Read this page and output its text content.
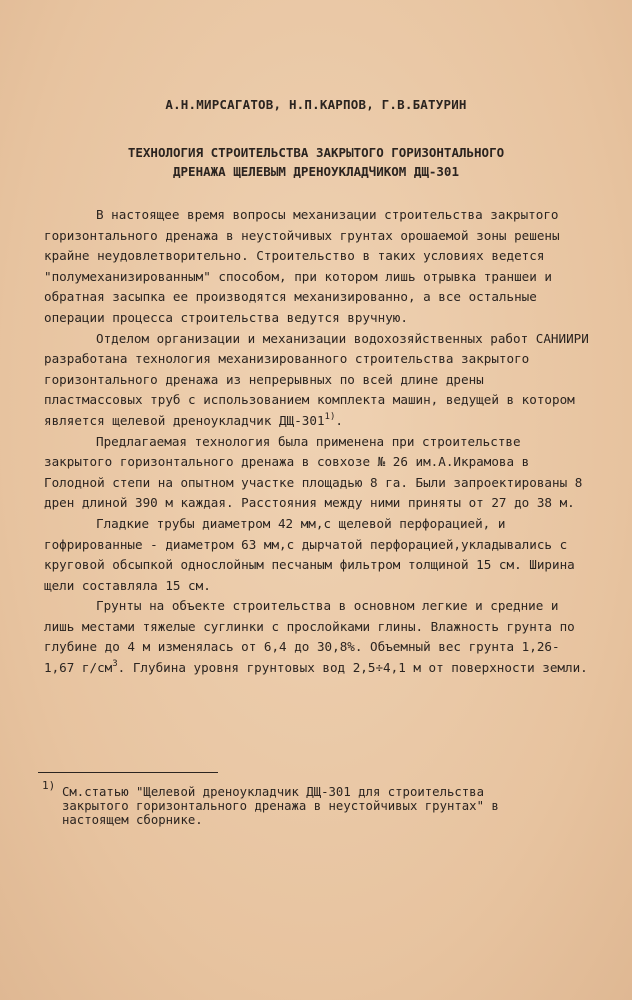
А.Н.МИРСАГАТОВ, Н.П.КАРПОВ, Г.В.БАТУРИН
ТЕХНОЛОГИЯ СТРОИТЕЛЬСТВА ЗАКРЫТОГО ГОРИЗОНТАЛЬНОГО
ДРЕНАЖА ЩЕЛЕВЫМ ДРЕНОУКЛАДЧИКОМ ДЩ-301

В настоящее время вопросы механизации строительства закрытого горизонтального дренажа в неустойчивых грунтах орошаемой зоны решены крайне неудовлетворительно. Строительство в таких условиях ведется "полумеханизированным" способом, при котором лишь отрывка траншеи и обратная засыпка ее производятся механизированно, а все остальные операции процесса строительства ведутся вручную.

Отделом организации и механизации водохозяйственных работ САНИИРИ разработана технология механизированного строительства закрытого горизонтального дренажа из непрерывных по всей длине дрены пластмассовых труб с использованием комплекта машин, ведущей в котором является щелевой дреноукладчик ДЩ-301$^{1)}$.

Предлагаемая технология была применена при строительстве закрытого горизонтального дренажа в совхозе № 26 им.А.Икрамова в Голодной степи на опытном участке площадью 8 га. Были запроектированы 8 дрен длиной 390 м каждая. Расстояния между ними приняты от 27 до 38 м.

Гладкие трубы диаметром 42 мм,с щелевой перфорацией, и гофрированные - диаметром 63 мм,с дырчатой перфорацией,укладывались с круговой обсыпкой однослойным песчаным фильтром толщиной 15 см. Ширина щели составляла 15 см.

Грунты на объекте строительства в основном легкие и средние и лишь местами тяжелые суглинки с прослойками глины. Влажность грунта по глубине до 4 м изменялась от 6,4 до 30,8%. Объемный вес грунта 1,26-1,67 $г/см^3$. Глубина уровня грунтовых вод 2,5÷4,1 м от поверхности земли.

1) См.статью "Щелевой дреноукладчик ДЩ-301 для строительства закрытого горизонтального дренажа в неустойчивых грунтах" в настоящем сборнике.
